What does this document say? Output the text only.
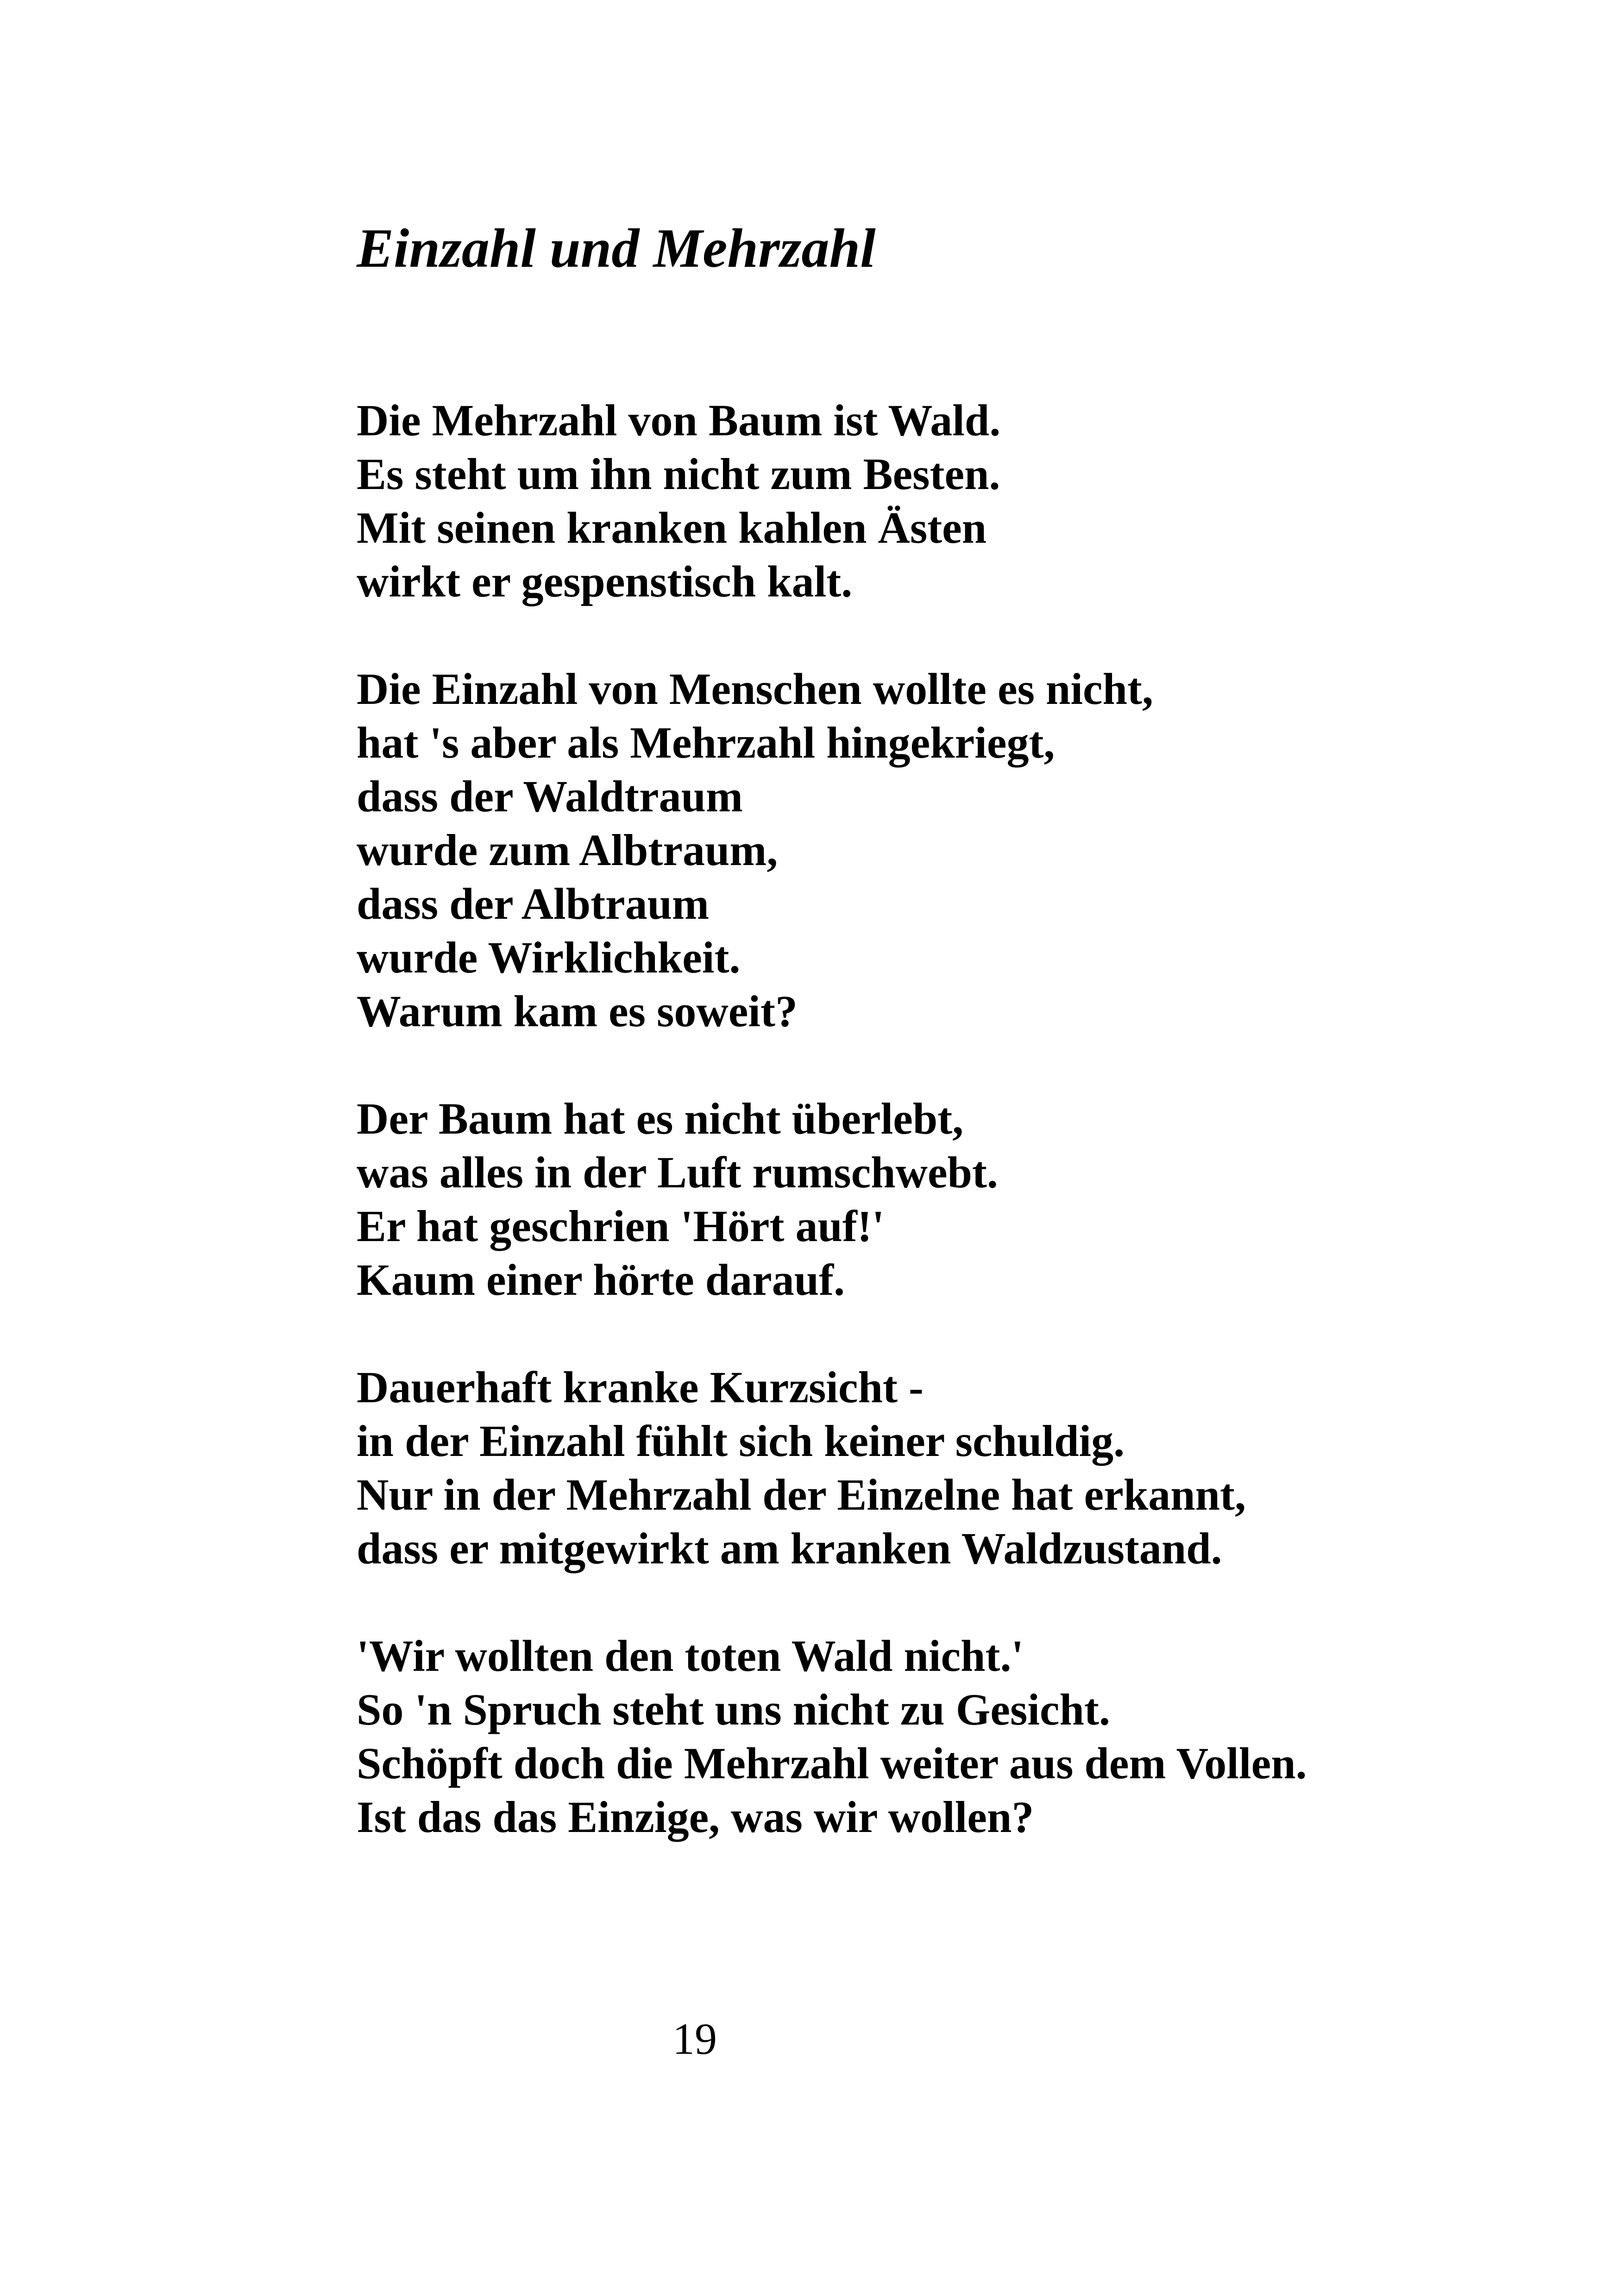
Einzahl und Mehrzahl
Die Mehrzahl von Baum ist Wald.
Es steht um ihn nicht zum Besten.
Mit seinen kranken kahlen Ästen
wirkt er gespenstisch kalt.
Die Einzahl von Menschen wollte es nicht,
hat 's aber als Mehrzahl hingekriegt,
dass der Waldtraum
wurde zum Albtraum,
dass der Albtraum
wurde Wirklichkeit.
Warum kam es soweit?
Der Baum hat es nicht überlebt,
was alles in der Luft rumschwebt.
Er hat geschrien 'Hört auf!'
Kaum einer hörte darauf.
Dauerhaft kranke Kurzsicht -
in der Einzahl fühlt sich keiner schuldig.
Nur in der Mehrzahl der Einzelne hat erkannt,
dass er mitgewirkt am kranken Waldzustand.
'Wir wollten den toten Wald nicht.'
So 'n Spruch steht uns nicht zu Gesicht.
Schöpft doch die Mehrzahl weiter aus dem Vollen.
Ist das das Einzige, was wir wollen?
19
